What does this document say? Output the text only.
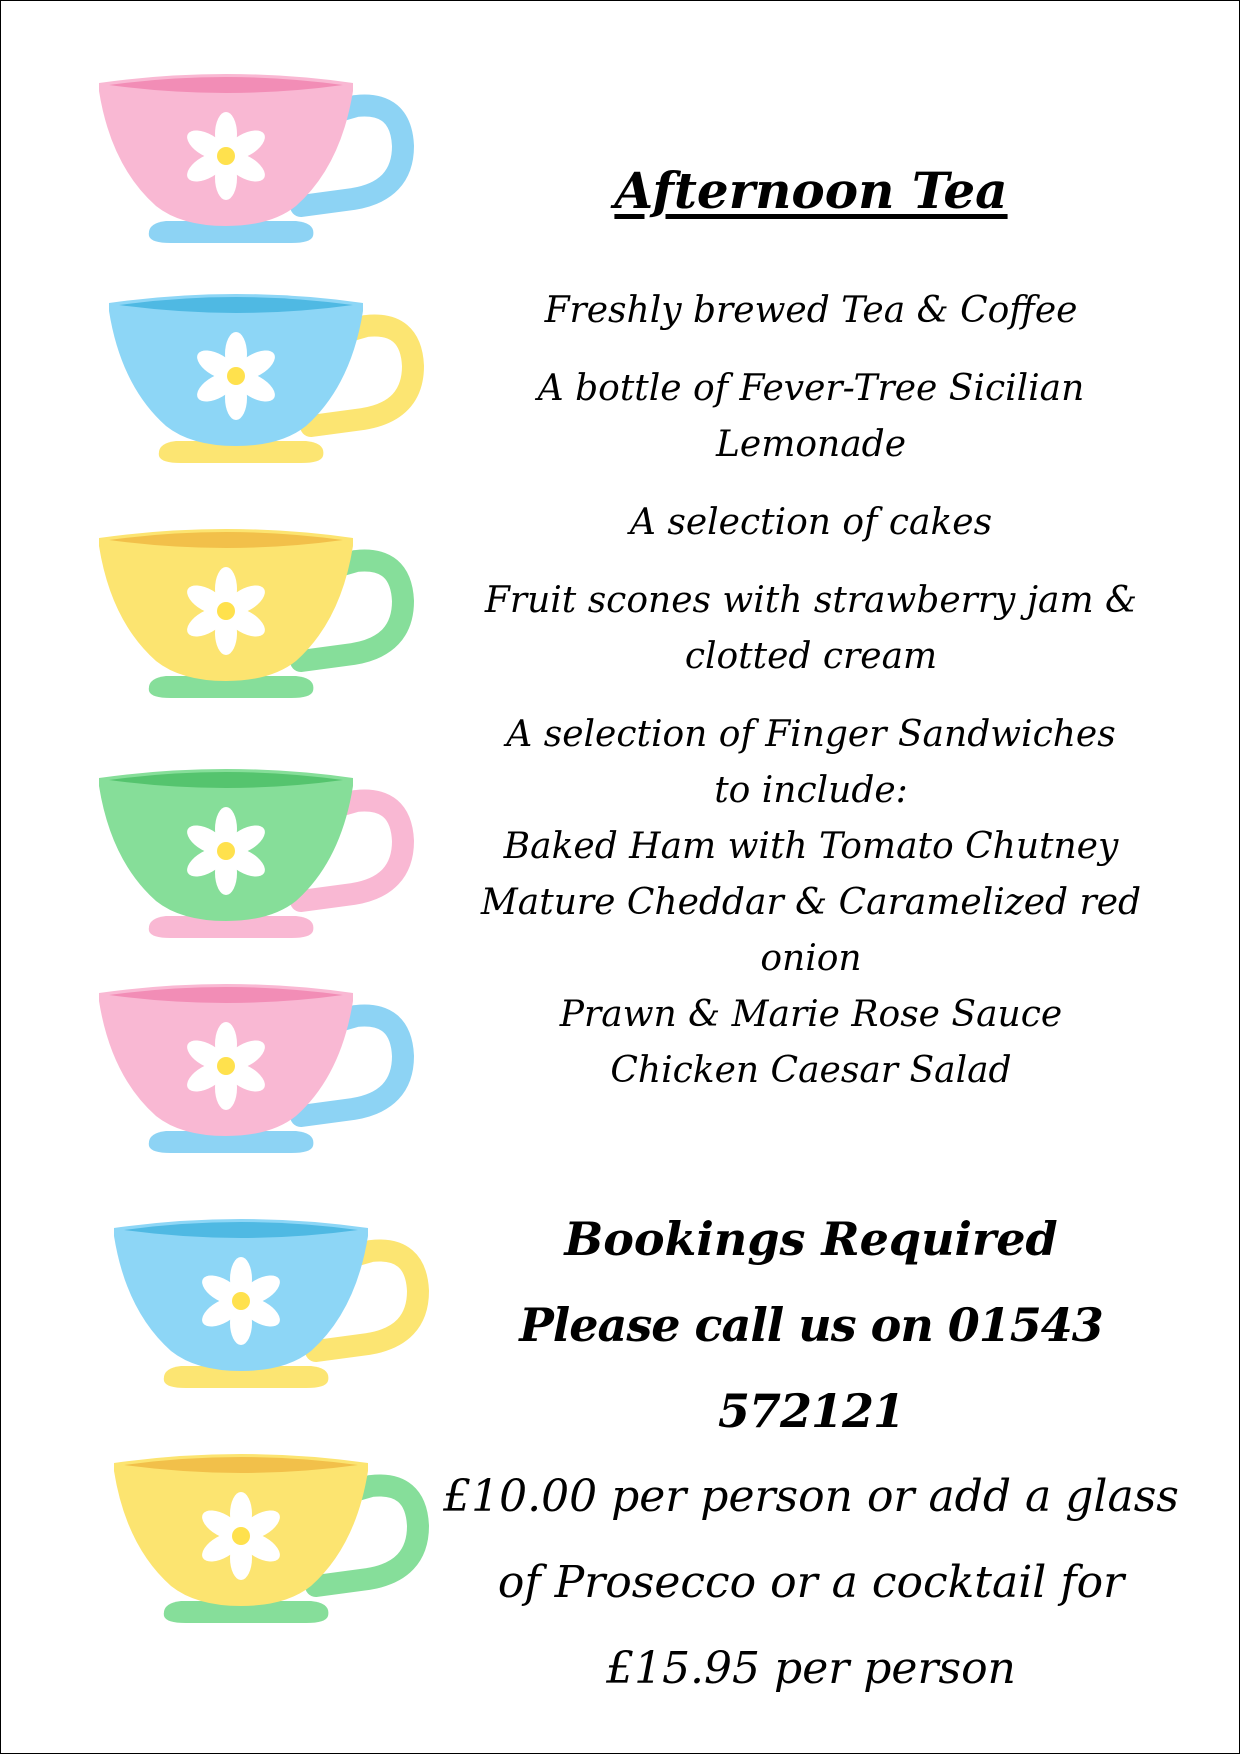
Afternoon Tea

Freshly brewed Tea & Coffee

A bottle of Fever-Tree Sicilian
Lemonade

A selection of cakes

Fruit scones with strawberry jam &
clotted cream

A selection of Finger Sandwiches
to include:
Baked Ham with Tomato Chutney
Mature Cheddar & Caramelized red
onion
Prawn & Marie Rose Sauce
Chicken Caesar Salad

Bookings Required
Please call us on 01543 572121
£10.00 per person or add a glass
of Prosecco or a cocktail for
£15.95 per person
